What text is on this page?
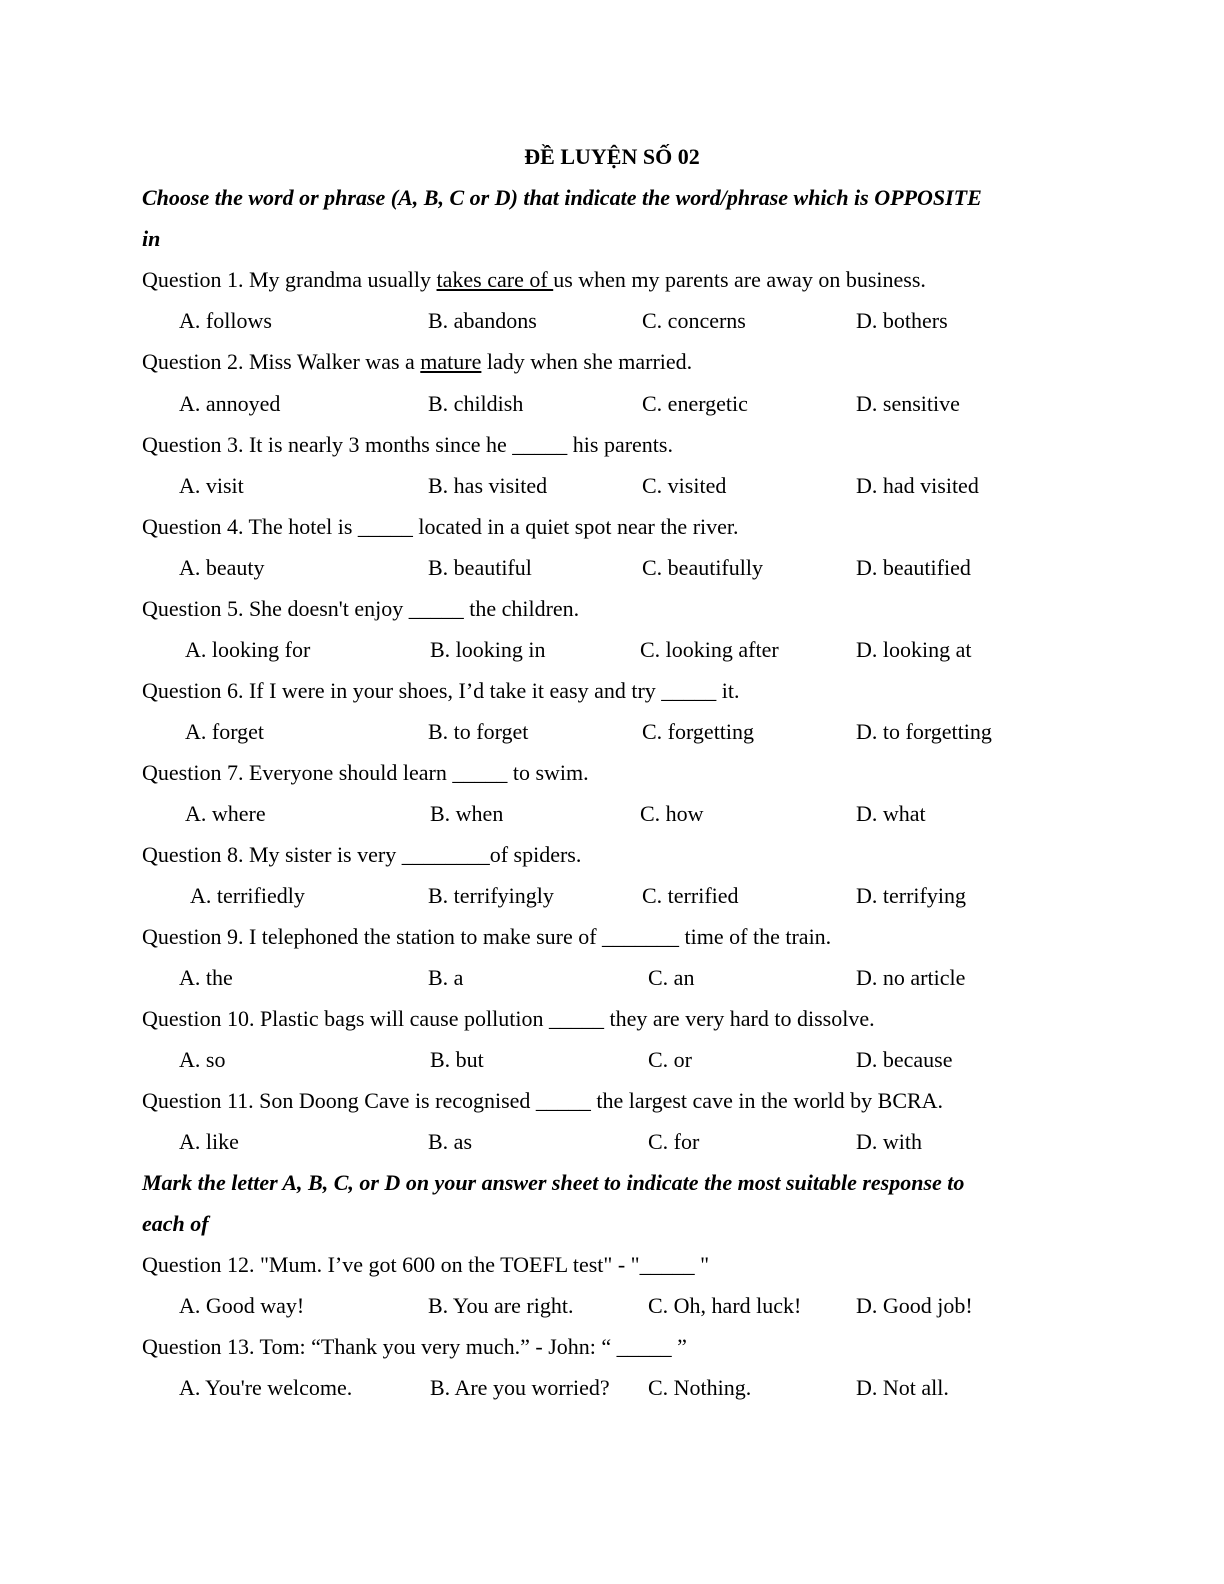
ĐỀ LUYỆN SỐ 02
Choose the word or phrase (A, B, C or D) that indicate the word/phrase which is OPPOSITE
in
Question 1. My grandma usually takes care of us when my parents are away on business.
A. follows	B. abandons	C. concerns	D. bothers
Question 2. Miss Walker was a mature lady when she married.
A. annoyed	B. childish	C. energetic	D. sensitive
Question 3. It is nearly 3 months since he _____ his parents.
A. visit	B. has visited	C. visited	D. had visited
Question 4. The hotel is _____ located in a quiet spot near the river.
A. beauty	B. beautiful	C. beautifully	D. beautified
Question 5. She doesn't enjoy _____ the children.
A. looking for	B. looking in	C. looking after	D. looking at
Question 6. If I were in your shoes, I’d take it easy and try _____ it.
A. forget	B. to forget	C. forgetting	D. to forgetting
Question 7. Everyone should learn _____ to swim.
A. where	B. when	C. how	D. what
Question 8. My sister is very ________of spiders.
A. terrifiedly	B. terrifyingly	C. terrified	D. terrifying
Question 9. I telephoned the station to make sure of _______ time of the train.
A. the	B. a	C. an	D. no article
Question 10. Plastic bags will cause pollution _____ they are very hard to dissolve.
A. so	B. but	C. or	D. because
Question 11. Son Doong Cave is recognised _____ the largest cave in the world by BCRA.
A. like	B. as	C. for	D. with
Mark the letter A, B, C, or D on your answer sheet to indicate the most suitable response to
each of
Question 12. "Mum. I’ve got 600 on the TOEFL test" - "_____ "
A. Good way!	B. You are right.	C. Oh, hard luck! D. Good job!
Question 13. Tom: “Thank you very much.” - John: “ _____ ”
A. You're welcome.	B. Are you worried? C. Nothing.	D. Not all.
